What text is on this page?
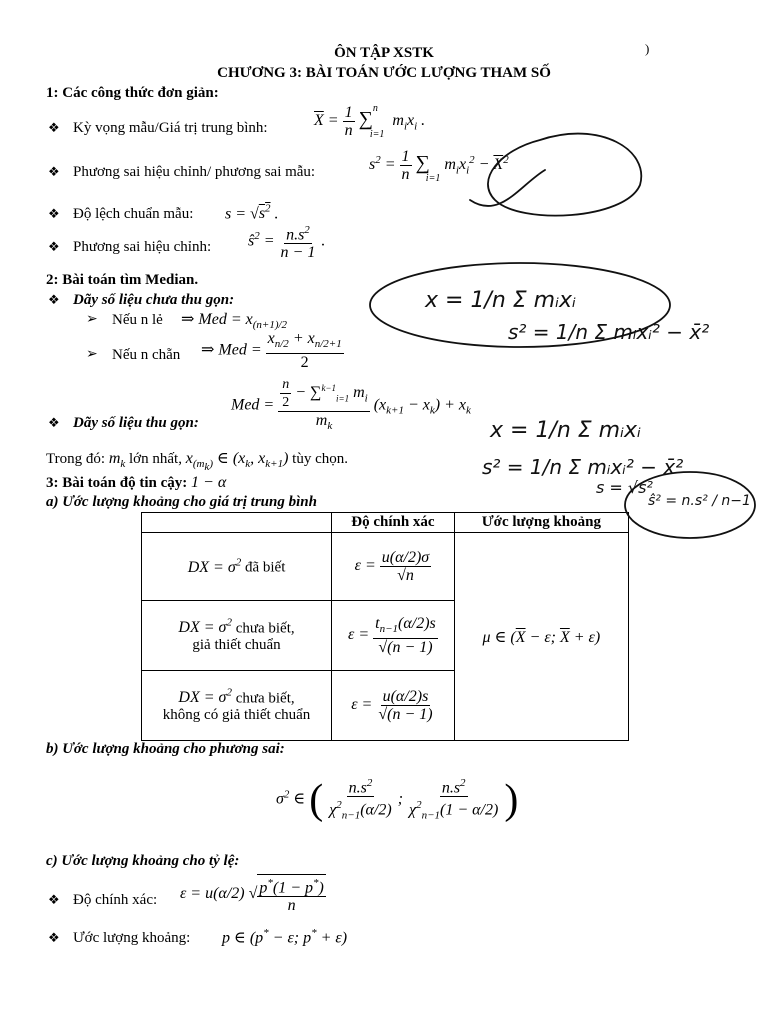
ÔN TẬP XSTK
CHƯƠNG 3: BÀI TOÁN ƯỚC LƯỢNG THAM SỐ
)
1: Các công thức đơn giản:
❖ Kỳ vọng mẫu/Giá trị trung bình:	$\overline{X} = \frac{1}{n} \sum^n_{i=1}m_ix_i$ .
❖ Phương sai hiệu chỉnh/ phương sai mẫu:	$s^2 = \frac{1}{n} \sum_{i=1}m_ix_i^2 - \overline{X}^2$
❖ Độ lệch chuẩn mẫu: $s = √s^2$ .
❖ Phương sai hiệu chỉnh: $ŝ^2 = \frac{n.s^2}{n - 1}$ .
2: Bài toán tìm Median.
❖ Dãy số liệu chưa thu gọn:
➢ Nếu n lẻ ⇒ Med = $x_{(n+1)/2}$
➢ Nếu n chẵn ⇒ Med = $\frac{x_{n/2} + x_{n/2+1}}{2}$
❖ Dãy số liệu thu gọn:
Med = $\frac{\frac{n}{2} - \sum^{k-1}_{i=1} m_i}{m_k} (x_{k+1} - x_k) + x_k$
Trong đó: $m_k$ lớn nhất, $x_{(m_k)}$ ∈ ($x_k$, $x_{k+1}$) tùy chọn.
3: Bài toán độ tin cậy: 1 − α
a) Ước lượng khoảng cho giá trị trung bình
	Độ chính xác	Ước lượng khoảng
DX = $\sigma^2$ đã biết	$\varepsilon = \frac{u(\alpha/2)\sigma}{√n}$	μ ∈ ($\overline{X} - \varepsilon$; $\overline{X} + \varepsilon$)
DX = $\sigma^2$ chưa biết,
giả thiết chuẩn	$\varepsilon = \frac{t_{n-1}(\alpha/2)s}{√(n - 1)}$

DX = $\sigma^2$ chưa biết,
không có giả thiết chuẩn	$\varepsilon = \frac{u(\alpha/2)s}{√(n - 1)}$
b) Ước lượng khoảng cho phương sai:
$\sigma^2$ ∈ ( $\frac{n.s^2}{\chi^2_{n-1}(\alpha/2)}$ ; $\frac{n.s^2}{\chi^2_{n-1}(1 - \alpha/2)}$ )
c) Ước lượng khoảng cho tỷ lệ:
❖ Độ chính xác: ε = u(α/2) √ $\frac{p^*(1 - p^*)}{n}$
❖ Ước lượng khoảng: p ∈ (p* − ε; p* + ε)
x = 1/n Σ mᵢxᵢ
s² = 1/n Σ mᵢxᵢ² − x̄²
x = 1/n Σ mᵢxᵢ
s² = 1/n Σ mᵢxᵢ² − x̄²
s = √s²
ŝ² = n.s² / n−1
